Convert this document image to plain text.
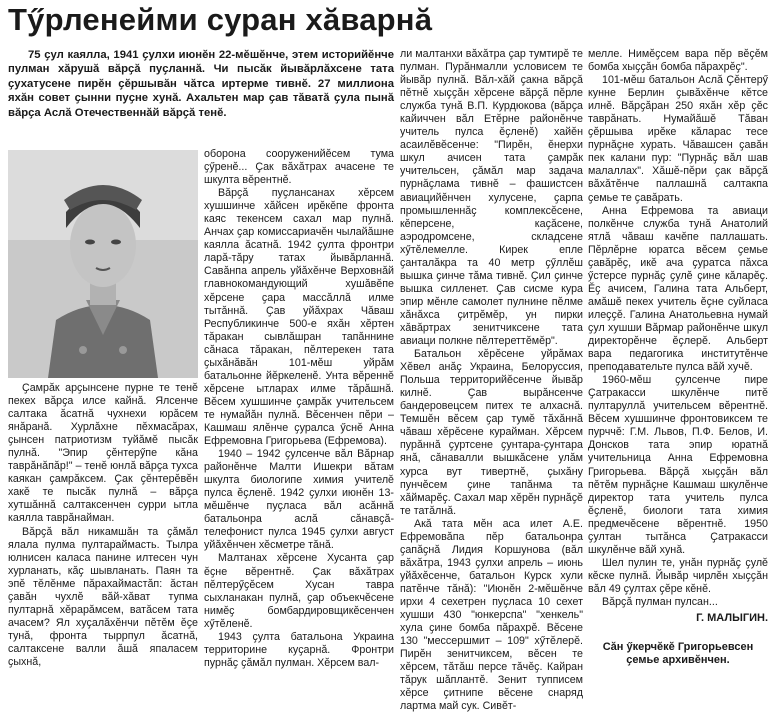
Тӳрленейми суран хӑварнӑ

75 ҫул каялла, 1941 ҫулхи июнӗн 22-мӗшӗнче, этем историйӗнче пулман хӑрушӑ вӑрҫӑ пуҫланнӑ. Чи пысӑк йывӑрлӑхсене тата ҫухатусене пирӗн ҫӗршывӑн чӑтса иртерме тивнӗ. 27 миллиона яхӑн совет ҫынни пуҫне хунӑ. Ахальтен мар ҫав тӑватӑ ҫула пынӑ вӑрҫа Аслӑ Отечественнӑй вӑрҫӑ тенӗ.

Ҫамрӑк арҫынсене пурне те тенӗ пекех вӑрҫа илсе кайнӑ. Ялсенче салтака ӑсатнӑ чухнехи юрӑсем янӑранӑ. Хурлӑхне пӗхмасӑрах, ҫынсен патриотизм туйӑмӗ пысӑк пулнӑ. "Эпир ҫӗнтерӳпе кӑна таврӑнӑпӑр!" – тенӗ юнлӑ вӑрҫа тухса каякан ҫамрӑксем. Ҫак ҫӗнтерӗвӗн хакӗ те пысӑк пулнӑ – вӑрҫа хутшӑннӑ салтаксенчен сурри ытла каялла таврӑнайман.

Вӑрҫӑ вӑл никамшӑн та ҫӑмӑл ялала пулма пултараймасть. Тылра юлнисен каласа панине илтесен чун хурланать, кӑҫ шывланать. Паян та эпӗ тӗлӗнме пӑрахаймастӑп: ӑстан ҫавӑн чухлӗ вӑй-хӑват тупма пултарнӑ хӗрарӑмсем, ватӑсем тата ачасем? Ял хуҫалӑхӗнчи пӗтӗм ӗҫе тунӑ, фронта тыррпул ӑсатнӑ, салтаксене валли ӑшӑ япаласем ҫыхнӑ,

оборона сооруженийӗсем тума ҫӳренӗ... Ҫак вӑхӑтрах ачасене те шкулта вӗрентнӗ.

Вӑрҫӑ пуҫлансанах хӗрсем хушшинче хӑйсен ирӗкӗпе фронта каяс текенсем сахал мар пулнӑ. Анчах ҫар комиссариачӗн чылайӑшне каялла ӑсатнӑ. 1942 ҫулта фронтри ларӑ-тӑру татах йывӑрланнӑ. Савӑнпа апрель уйӑхӗнче Верховнӑй главнокомандующий хушӑвӗпе хӗрсене ҫара массӑллӑ илме тытӑннӑ. Ҫав уйӑхрах Чӑваш Республикинче 500-е яхӑн хӗртен тӑракан сывлӑшран тапӑннине сӑнаса тӑракан, пӗлтерекен тата ҫыхӑнӑвӑн 101-мӗш уйрӑм батальонне йӗркеленӗ. Унта вӗреннӗ хӗрсене ытларах илме тӑрӑшнӑ. Вӗсем хушшинче ҫамрӑк учительсем те нумайӑн пулнӑ. Вӗсенчен пӗри – Кашмаш ялӗнче ҫуралса ӳснӗ Анна Ефремовна Григорьева (Ефремова).

1940 – 1942 ҫулсенче вӑл Вӑрнар районӗнче Малти Ишекри вӑтам шкулта биологипе химия учителӗ пулса ӗҫленӗ. 1942 ҫулхи июнӗн 13-мӗшӗнче пуҫласа вӑл асӑннӑ батальонра аслӑ сӑнавҫӑ-телефонист пулса 1945 ҫулхи август уйӑхӗнчен хӗсметре тӑнӑ.

Малтанах хӗрсене Хусанта ҫар ӗҫне вӗрентнӗ. Ҫак вӑхӑтрах пӗлтерӳҫӗсем Хусан тавра сыхланакан пулнӑ, ҫар объекчӗсене нимӗҫ бомбардировщикӗсенчен хӳтӗленӗ.

1943 ҫулта батальона Украина территорине куҫарнӑ. Фронтри пурнӑҫ ҫӑмӑл пулман. Хӗрсем вал-

ли малтанхи вӑхӑтра ҫар тумтирӗ те пулман. Пурӑнмалли условисем те йывӑр пулнӑ. Вӑл-хӑй ҫакна вӑрҫӑ пӗтнӗ хыҫҫӑн хӗрсене вӑрҫӑ пӗрле служба тунӑ В.П. Курдюкова (вӑрҫа кайиччен вӑл Етӗрне районӗнче учитель пулса ӗҫленӗ) хайӗн асаилӗвӗсенче: "Пирӗн, ӗнерхи шкул ачисен тата ҫамрӑк учительсен, ҫӑмӑл мар задача пурнӑҫлама тивнӗ – фашистсен авиацийӗнчен хулусене, ҫарпа промышленнӑҫ комплексӗсене, кӗперсене, каҫӑсене, аэродромсене, складсене хӳтӗлемелле. Кирек епле ҫанталӑкра та 40 метр ҫӳллӗш вышка ҫинче тӑма тивнӗ. Ҫил ҫинче вышка силленет. Ҫав сисме кура эпир мӗнле самолет пулнине пӗлме хӑнӑхса ҫитрӗмӗр, ун пирки хӑвӑртрах зенитчиксене тата авиаци полкне пӗлтереттӗмӗр".

Батальон хӗрӗсене уйрӑмах Хӗвел анӑҫ Украина, Белоруссия, Польша территорийӗсенче йывӑр килнӗ. Ҫав вырӑнсенче бандеровецсем питех те алхаснӑ. Темшӗн вӗсем ҫар тумӗ тӑхӑннӑ чӑваш хӗрӗсене курайман. Хӗрсем пурӑннӑ ҫуртсене ҫунтара-ҫунтара янӑ, сӑнавалли вышкӑсене улӑм хурса вут тивертнӗ, ҫыхӑну пунчӗсем ҫине тапӑнма та хӑймарӗҫ. Сахал мар хӗрӗн пурнӑҫӗ те татӑлнӑ.

Акӑ тата мӗн аса илет А.Е. Ефремовӑпа пӗр батальонра ҫапӑҫнӑ Лидия Коршунова (вӑл вӑхӑтра, 1943 ҫулхи апрель – июнь уйӑхӗсенче, батальон Курск хули патӗнче тӑнӑ): "Июнӗн 2-мӗшӗнче ирхи 4 сехетрен пуҫласа 10 сехет хушши 430 "юнкерспа" "хенкель" хула ҫине бомба пӑрахрӗ. Вӗсене 130 "мессершмит – 109" хӳтӗлерӗ. Пирӗн зенитчиксем, вӗсен те хӗрсем, тӑтӑш персе тӑчӗҫ. Кайран тӑрук шӑплантӗ. Зенит тупписем хӗрсе ҫитнипе вӗсене снаряд лартма май сук. Сивӗт-

мелле. Нимӗҫсем вара пӗр вӗҫӗм бомба хыҫҫӑн бомба пӑрахрӗҫ".

101-мӗш батальон Аслӑ Ҫӗнтерӳ кунне Берлин ҫывӑхӗнче кӗтсе илнӗ. Вӑрҫӑран 250 яхӑн хӗр ҫӗс таврӑнать. Нумайӑшӗ Тӑван ҫӗршыва ирӗке кӑларас тесе пурнӑҫне хурать. Чӑвашсен ҫавӑн пек калани пур: "Пурнӑҫ вӑл шав малаллах". Хӑшӗ-пӗри ҫак вӑрҫӑ вӑхӑтӗнче паллашнӑ салтакпа ҫемье те ҫавӑрать.

Анна Ефремова та авиаци полкӗнче служба тунӑ Анатолий ятлӑ чӑваш качӗпе паллашать. Пӗрлӗрне юратса вӗсем ҫемье ҫавӑрӗҫ, икӗ ача ҫуратса пӑхса ӳстерсе пурнӑҫ ҫулӗ ҫине кӑларӗҫ. Ӗҫ ачисем, Галина тата Альберт, амӑшӗ пекех учитель ӗҫне суйласа илеҫҫӗ. Галина Анатольевна нумай ҫул хушши Вӑрмар районӗнче шкул директорӗнче ӗҫлерӗ. Альберт вара педагогика институтӗнче преподавательте пулса вӑй хучӗ.

1960-мӗш ҫулсенче пире Ҫатракасси шкулӗнче питӗ пултаруллӑ учительсем вӗрентнӗ. Вӗсем хушшинче фронтовиксем те пурччӗ: Г.М. Львов, П.Ф. Белов, И. Донсков тата эпир юратнӑ учительница Анна Ефремовна Григорьева. Вӑрҫӑ хыҫҫӑн вӑл пӗтӗм пурнӑҫне Кашмаш шкулӗнче директор тата учитель пулса ӗҫленӗ, биологи тата химия предмечӗсене вӗрентнӗ. 1950 ҫултан тытӑнса Ҫатракасси шкулӗнче вӑй хунӑ.

Шел пулин те, унӑн пурнӑҫ ҫулӗ кӗске пулнӑ. Йывӑр чирлӗн хыҫҫӑн вӑл 49 ҫултах ҫӗре кӗнӗ.

Вӑрҫӑ пулман пулсан...

Г. МАЛЫГИН.
Сӑн ӳкерчӗкӗ Григорьевсен ҫемье архивӗнчен.
